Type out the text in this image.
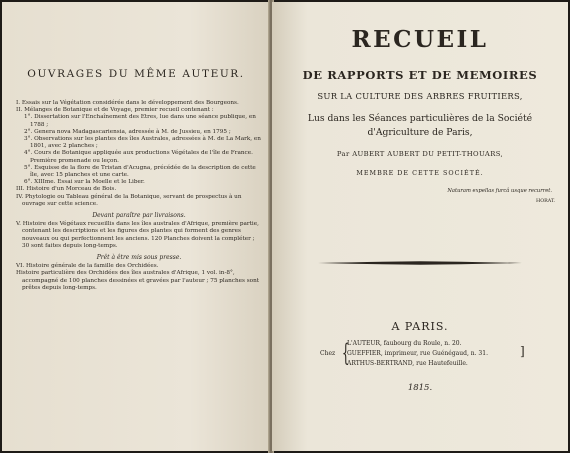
OUVRAGES DU MÊME AUTEUR.

I. Essais sur la Végétation considérée dans le développement des Bourgeons.

II. Mélanges de Botanique et de Voyage, premier recueil contenant :

1°. Dissertation sur l'Enchaînement des Etres, lue dans une séance publique, en 1788 ;

2°. Genera nova Madagascariensia, adressée à M. de Jussieu, en 1795 ;

3°. Observations sur les plantes des îles Australes, adressées à M. de La Mark, en 1801, avec 2 planches ;

4°. Cours de Botanique appliquée aux productions Végétales de l'île de France. Première promenade ou leçon.

5°. Esquisse de la flore de Tristan d'Acugna, précédée de la description de cette île, avec 15 planches et une carte.

6°. XIIIme. Essai sur la Moelle et le Liber.

III. Histoire d'un Morceau de Bois.

IV. Phytologie ou Tableau général de la Botanique, servant de prospectus à un ouvrage sur cette science.

Devant paraître par livraisons.

V. Histoire des Végétaux recueillis dans les îles australes d'Afrique, première partie, contenant les descriptions et les figures des plantes qui forment des genres nouveaux ou qui perfectionnent les anciens. 120 Planches doivent la compléter ; 30 sont faites depuis long-temps.

Prêt à être mis sous presse.

VI. Histoire générale de la famille des Orchidées.

Histoire particulière des Orchidées des îles australes d'Afrique, 1 vol. in-8°, accompagné de 100 planches dessinées et gravées par l'auteur ; 75 planches sont prêtes depuis long-temps.

RECUEIL

DE RAPPORTS ET DE MEMOIRES

SUR LA CULTURE DES ARBRES FRUITIERS,

Lus dans les Séances particulières de la Société

d'Agriculture de Paris,

Par AUBERT AUBERT DU PETIT-THOUARS,

MEMBRE DE CETTE SOCIÉTÉ.

Naturam expellas furcâ usque recurret.

HORAT.

A PARIS.

Chez {
L'AUTEUR, faubourg du Roule, n. 20.
GUEFFIER, imprimeur, rue Guénégaud, n. 31.
ARTHUS-BERTRAND, rue Hautefeuille.
]

1815.
